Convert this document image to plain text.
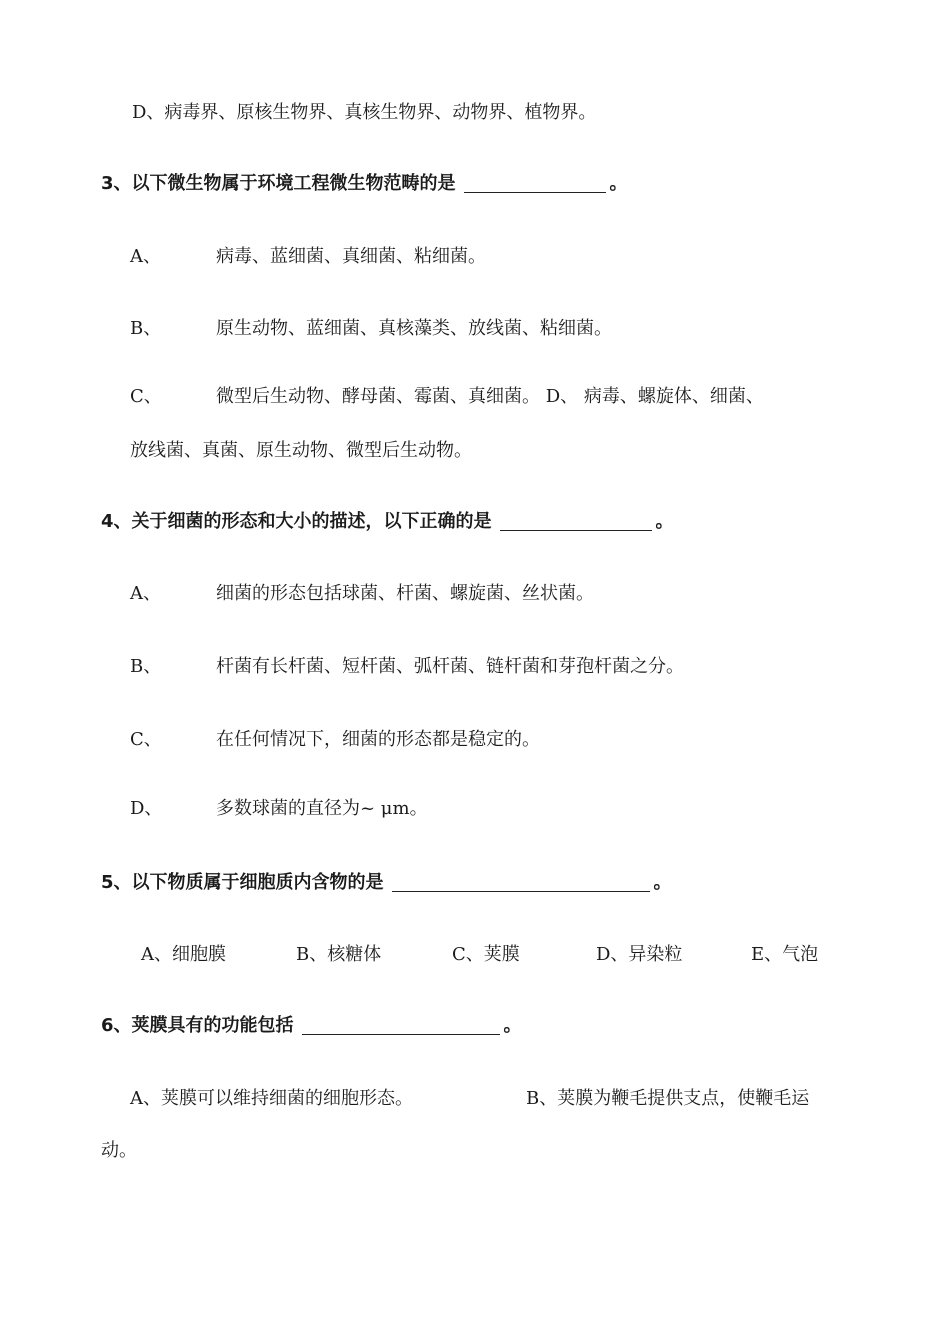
D、病毒界、原核生物界、真核生物界、动物界、植物界。
3、以下微生物属于环境工程微生物范畴的是	。
A、	病毒、蓝细菌、真细菌、粘细菌。
B、	原生动物、蓝细菌、真核藻类、放线菌、粘细菌。
C、	微型后生动物、酵母菌、霉菌、真细菌。 D、 病毒、螺旋体、细菌、
放线菌、真菌、原生动物、微型后生动物。
4、关于细菌的形态和大小的描述，以下正确的是	。
A、	细菌的形态包括球菌、杆菌、螺旋菌、丝状菌。
B、	杆菌有长杆菌、短杆菌、弧杆菌、链杆菌和芽孢杆菌之分。
C、	在任何情况下，细菌的形态都是稳定的。
D、	多数球菌的直径为~ μm。
5、以下物质属于细胞质内含物的是	。
A、细胞膜	B、核糖体	C、荚膜	D、异染粒	E、气泡
6、荚膜具有的功能包括	。
A、荚膜可以维持细菌的细胞形态。	B、荚膜为鞭毛提供支点，使鞭毛运
动。
